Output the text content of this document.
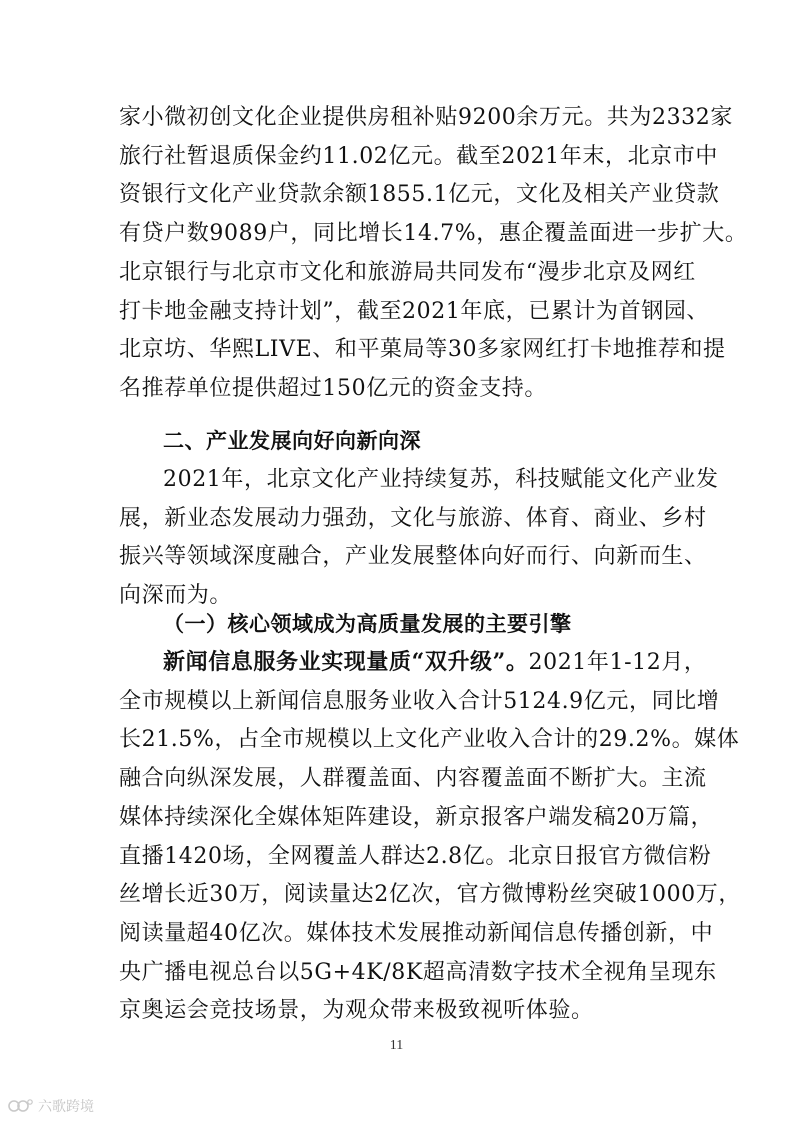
家小微初创文化企业提供房租补贴9200余万元。共为2332家
旅行社暂退质保金约11.02亿元。截至2021年末，北京市中
资银行文化产业贷款余额1855.1亿元，文化及相关产业贷款
有贷户数9089户，同比增长14.7%，惠企覆盖面进一步扩大。
北京银行与北京市文化和旅游局共同发布“漫步北京及网红
打卡地金融支持计划”，截至2021年底，已累计为首钢园、
北京坊、华熙LIVE、和平菓局等30多家网红打卡地推荐和提
名推荐单位提供超过150亿元的资金支持。
二、产业发展向好向新向深
2021年，北京文化产业持续复苏，科技赋能文化产业发
展，新业态发展动力强劲，文化与旅游、体育、商业、乡村
振兴等领域深度融合，产业发展整体向好而行、向新而生、
向深而为。
（一）核心领域成为高质量发展的主要引擎
新闻信息服务业实现量质“双升级”。2021年1-12月，
全市规模以上新闻信息服务业收入合计5124.9亿元，同比增
长21.5%，占全市规模以上文化产业收入合计的29.2%。媒体
融合向纵深发展，人群覆盖面、内容覆盖面不断扩大。主流
媒体持续深化全媒体矩阵建设，新京报客户端发稿20万篇，
直播1420场，全网覆盖人群达2.8亿。北京日报官方微信粉
丝增长近30万，阅读量达2亿次，官方微博粉丝突破1000万，
阅读量超40亿次。媒体技术发展推动新闻信息传播创新，中
央广播电视总台以5G+4K/8K超高清数字技术全视角呈现东
京奥运会竞技场景，为观众带来极致视听体验。
11
六歌跨境
